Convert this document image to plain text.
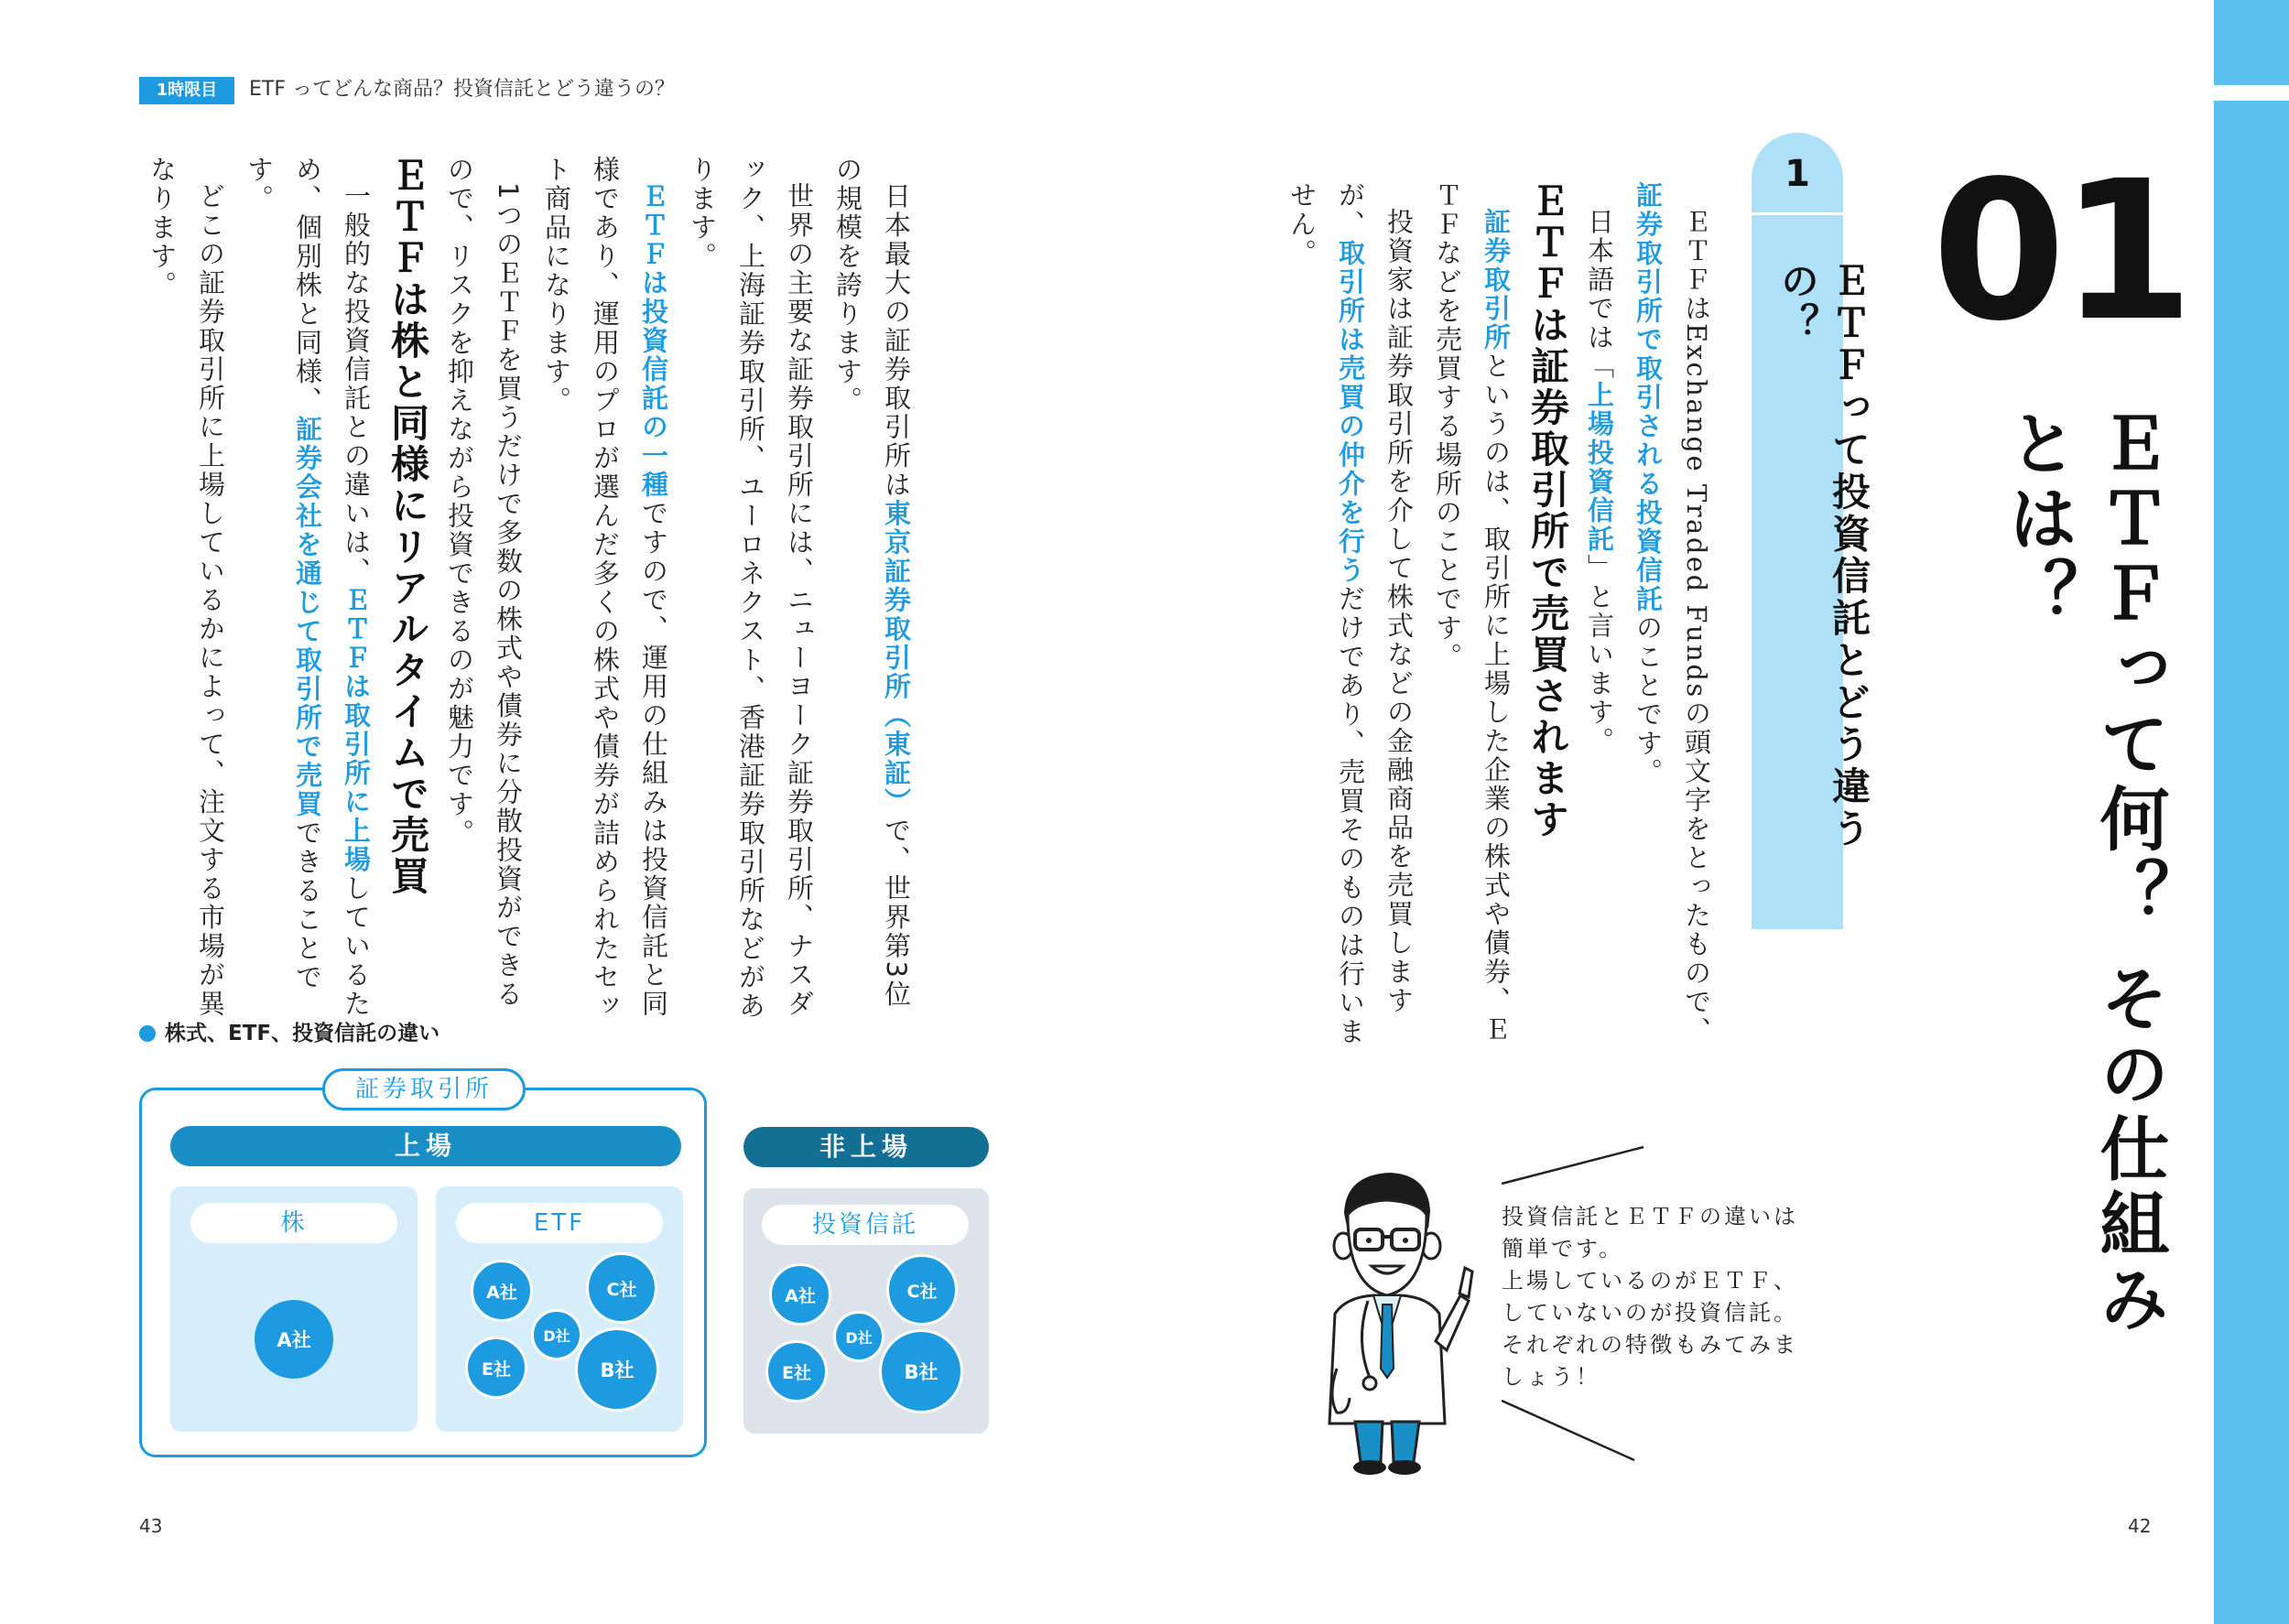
1時限目	ETF ってどんな商品？投資信託とどう違うの？
01
ＥＴＦって何？ その仕組みとは？
1
ＥＴＦって投資信託とどう違うの？
ＥＴＦはExchange Traded Fundsの頭文字をとったもので、証券取引所で取引される投資信託のことです。
日本語では「上場投資信託」と言います。
ＥＴＦは証券取引所で売買されます
証券取引所というのは、取引所に上場した企業の株式や債券、ＥＴＦなどを売買する場所のことです。
投資家は証券取引所を介して株式などの金融商品を売買しますが、取引所は売買の仲介を行うだけであり、売買そのものは行いません。
日本最大の証券取引所は東京証券取引所（東証）で、世界第3位の規模を誇ります。
世界の主要な証券取引所には、ニューヨーク証券取引所、ナスダック、上海証券取引所、ユーロネクスト、香港証券取引所などがあります。
ＥＴＦは投資信託の一種ですので、運用の仕組みは投資信託と同様であり、運用のプロが選んだ多くの株式や債券が詰められたセット商品になります。
1つのＥＴＦを買うだけで多数の株式や債券に分散投資ができるので、リスクを抑えながら投資できるのが魅力です。
ＥＴＦは株と同様にリアルタイムで売買
一般的な投資信託との違いは、ＥＴＦは取引所に上場しているため、個別株と同様、証券会社を通じて取引所で売買できることです。
どこの証券取引所に上場しているかによって、注文する市場が異なります。
株式、ETF、投資信託の違い
証券取引所
上場	非上場
株
A社
ETF
A社	C社
D社
E社	B社
投資信託
A社	C社
D社
E社	B社
投資信託とＥＴＦの違いは
簡単です。
上場しているのがＥＴＦ、
していないのが投資信託。
それぞれの特徴もみてみま
しょう！
43	42
